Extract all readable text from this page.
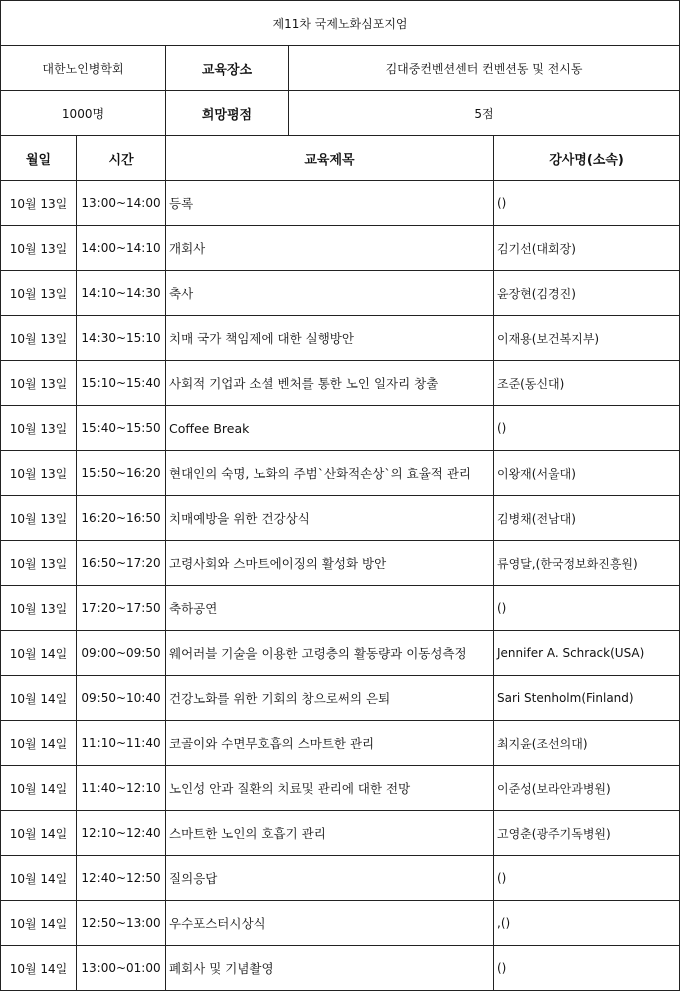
제11차 국제노화심포지엄				
대한노인병학회		교육장소	김대중컨벤션센터 컨벤션동 및 전시동	
1000명		희망평점	5점	
월일	시간	교육제목		강사명(소속)
10월 13일	13:00~14:00	등록		()
10월 13일	14:00~14:10	개회사		김기선(대회장)
10월 13일	14:10~14:30	축사		윤장현(김경진)
10월 13일	14:30~15:10	치매 국가 책임제에 대한 실행방안		이재용(보건복지부)
10월 13일	15:10~15:40	사회적 기업과 소셜 벤처를 통한 노인 일자리 창출		조준(동신대)
10월 13일	15:40~15:50	Coffee Break		()
10월 13일	15:50~16:20	현대인의 숙명, 노화의 주범`산화적손상`의 효율적 관리		이왕재(서울대)
10월 13일	16:20~16:50	치매예방을 위한 건강상식		김병채(전남대)
10월 13일	16:50~17:20	고령사회와 스마트에이징의 활성화 방안		류영달,(한국정보화진흥원)
10월 13일	17:20~17:50	축하공연		()
10월 14일	09:00~09:50	웨어러블 기술을 이용한 고령층의 활동량과 이동성측정		Jennifer A. Schrack(USA)
10월 14일	09:50~10:40	건강노화를 위한 기회의 창으로써의 은퇴		Sari Stenholm(Finland)
10월 14일	11:10~11:40	코골이와 수면무호흡의 스마트한 관리		최지윤(조선의대)
10월 14일	11:40~12:10	노인성 안과 질환의 치료및 관리에 대한 전망		이준성(보라안과병원)
10월 14일	12:10~12:40	스마트한 노인의 호흡기 관리		고영춘(광주기독병원)
10월 14일	12:40~12:50	질의응답		()
10월 14일	12:50~13:00	우수포스터시상식		,()
10월 14일	13:00~01:00	폐회사 및 기념촬영		()
